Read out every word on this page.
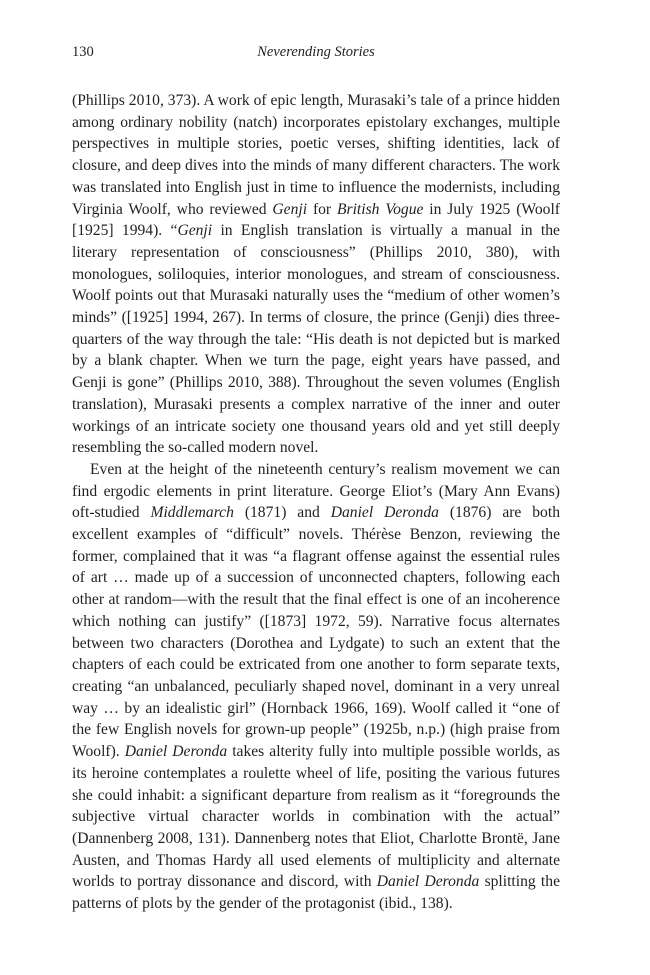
130	Neverending Stories

(Phillips 2010, 373). A work of epic length, Murasaki’s tale of a prince hidden among ordinary nobility (natch) incorporates epistolary exchanges, multiple perspectives in multiple stories, poetic verses, shifting identities, lack of closure, and deep dives into the minds of many different characters. The work was translated into English just in time to influence the modernists, including Virginia Woolf, who reviewed Genji for British Vogue in July 1925 (Woolf [1925] 1994). “Genji in English translation is virtually a manual in the literary representation of consciousness” (Phillips 2010, 380), with monologues, soliloquies, interior monologues, and stream of consciousness. Woolf points out that Murasaki naturally uses the “medium of other women’s minds” ([1925] 1994, 267). In terms of closure, the prince (Genji) dies three-quarters of the way through the tale: “His death is not depicted but is marked by a blank chapter. When we turn the page, eight years have passed, and Genji is gone” (Phillips 2010, 388). Throughout the seven volumes (English translation), Murasaki presents a complex narrative of the inner and outer workings of an intricate society one thousand years old and yet still deeply resembling the so-called modern novel.

Even at the height of the nineteenth century’s realism movement we can find ergodic elements in print literature. George Eliot’s (Mary Ann Evans) oft-studied Middlemarch (1871) and Daniel Deronda (1876) are both excellent examples of “difficult” novels. Thérèse Benzon, reviewing the former, complained that it was “a flagrant offense against the essential rules of art … made up of a succession of unconnected chapters, following each other at random—with the result that the final effect is one of an incoherence which nothing can justify” ([1873] 1972, 59). Narrative focus alternates between two characters (Dorothea and Lydgate) to such an extent that the chapters of each could be extricated from one another to form separate texts, creating “an unbalanced, peculiarly shaped novel, dominant in a very unreal way … by an idealistic girl” (Hornback 1966, 169). Woolf called it “one of the few English novels for grown-up people” (1925b, n.p.) (high praise from Woolf). Daniel Deronda takes alterity fully into multiple possible worlds, as its heroine contemplates a roulette wheel of life, positing the various futures she could inhabit: a significant departure from realism as it “foregrounds the subjective virtual character worlds in combination with the actual” (Dannenberg 2008, 131). Dannenberg notes that Eliot, Charlotte Brontë, Jane Austen, and Thomas Hardy all used elements of multiplicity and alternate worlds to portray dissonance and discord, with Daniel Deronda splitting the patterns of plots by the gender of the protagonist (ibid., 138).
